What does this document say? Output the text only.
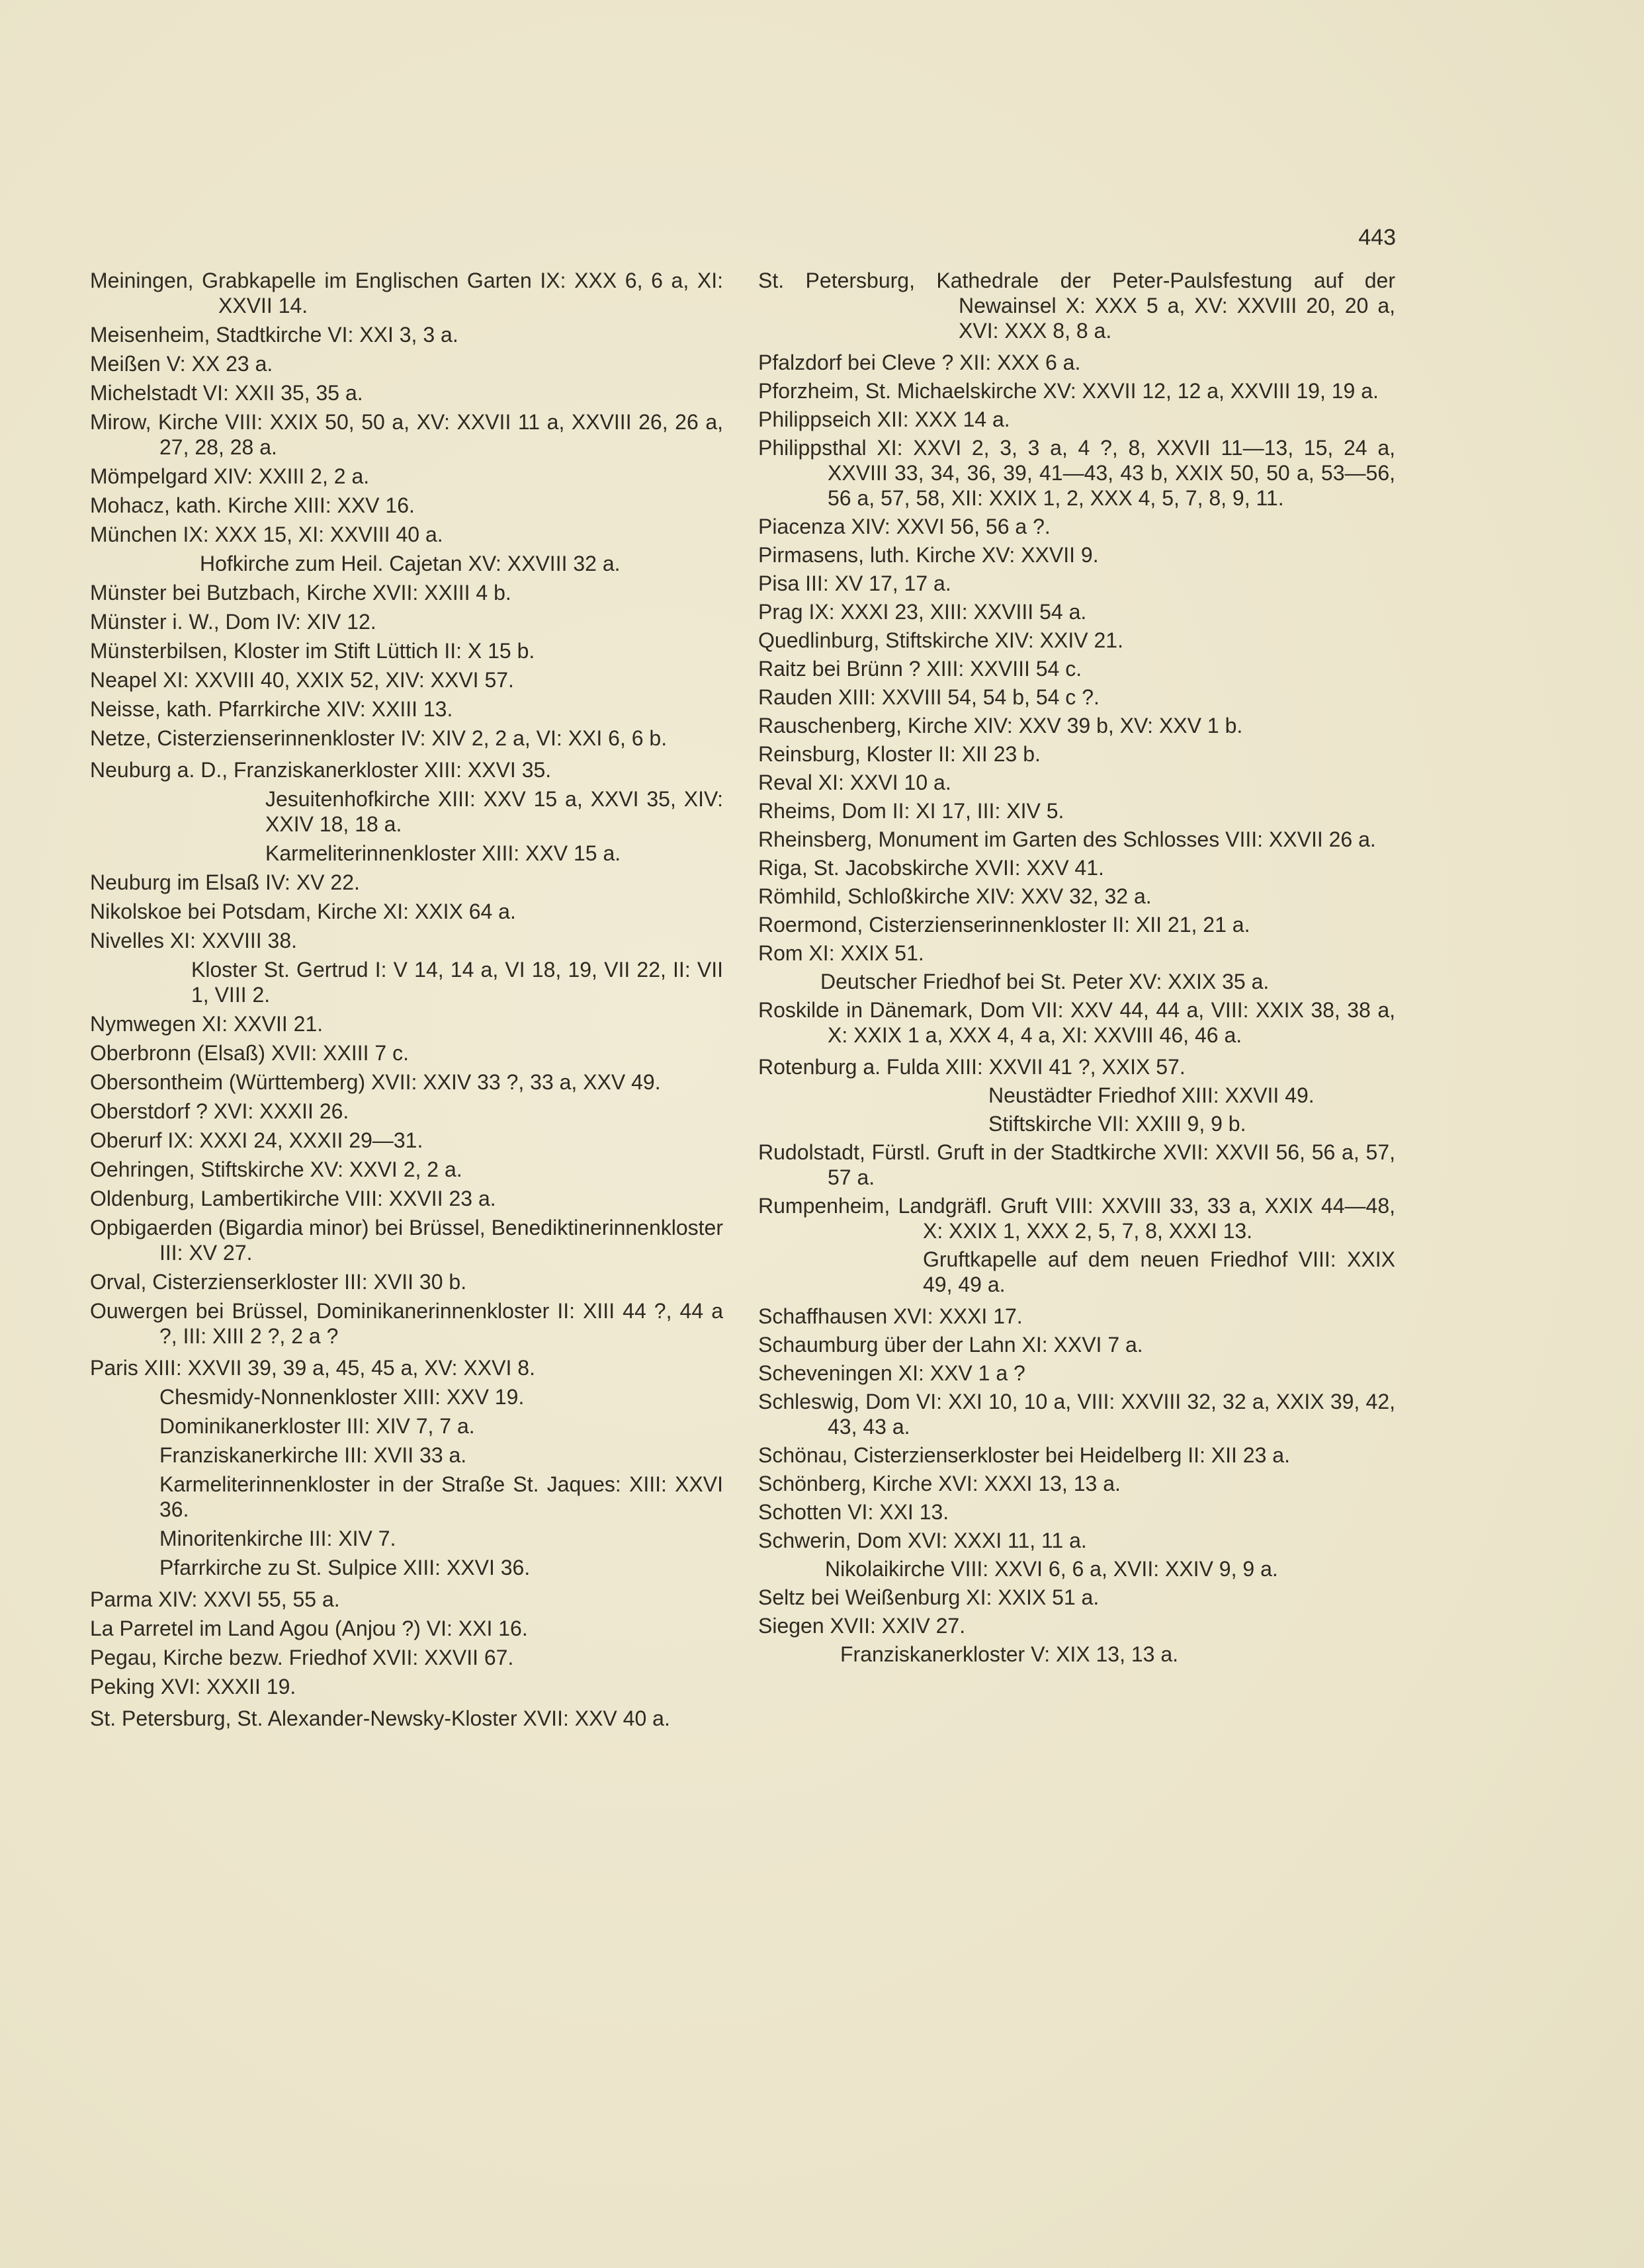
443
Meiningen, Grabkapelle im Englischen Garten IX: XXX 6, 6 a, XI: XXVII 14.
Meisenheim, Stadtkirche VI: XXI 3, 3 a.
Meißen V: XX 23 a.
Michelstadt VI: XXII 35, 35 a.
Mirow, Kirche VIII: XXIX 50, 50 a, XV: XXVII 11 a, XXVIII 26, 26 a, 27, 28, 28 a.
Mömpelgard XIV: XXIII 2, 2 a.
Mohacz, kath. Kirche XIII: XXV 16.
München IX: XXX 15, XI: XXVIII 40 a.
Hofkirche zum Heil. Cajetan XV: XXVIII 32 a.
Münster bei Butzbach, Kirche XVII: XXIII 4 b.
Münster i. W., Dom IV: XIV 12.
Münsterbilsen, Kloster im Stift Lüttich II: X 15 b.
Neapel XI: XXVIII 40, XXIX 52, XIV: XXVI 57.
Neisse, kath. Pfarrkirche XIV: XXIII 13.
Netze, Cisterzienserinnenkloster IV: XIV 2, 2 a, VI: XXI 6, 6 b.
Neuburg a. D., Franziskanerkloster XIII: XXVI 35.
Jesuitenhofkirche XIII: XXV 15 a, XXVI 35, XIV: XXIV 18, 18 a.
Karmeliterinnenkloster XIII: XXV 15 a.
Neuburg im Elsaß IV: XV 22.
Nikolskoe bei Potsdam, Kirche XI: XXIX 64 a.
Nivelles XI: XXVIII 38.
Kloster St. Gertrud I: V 14, 14 a, VI 18, 19, VII 22, II: VII 1, VIII 2.
Nymwegen XI: XXVII 21.
Oberbronn (Elsaß) XVII: XXIII 7 c.
Obersontheim (Württemberg) XVII: XXIV 33 ?, 33 a, XXV 49.
Oberstdorf ? XVI: XXXII 26.
Oberurf IX: XXXI 24, XXXII 29—31.
Oehringen, Stiftskirche XV: XXVI 2, 2 a.
Oldenburg, Lambertikirche VIII: XXVII 23 a.
Opbigaerden (Bigardia minor) bei Brüssel, Benediktinerinnenkloster III: XV 27.
Orval, Cisterzienserkloster III: XVII 30 b.
Ouwergen bei Brüssel, Dominikanerinnenkloster II: XIII 44 ?, 44 a ?, III: XIII 2 ?, 2 a ?
Paris XIII: XXVII 39, 39 a, 45, 45 a, XV: XXVI 8.
Chesmidy-Nonnenkloster XIII: XXV 19.
Dominikanerkloster III: XIV 7, 7 a.
Franziskanerkirche III: XVII 33 a.
Karmeliterinnenkloster in der Straße St. Jaques: XIII: XXVI 36.
Minoritenkirche III: XIV 7.
Pfarrkirche zu St. Sulpice XIII: XXVI 36.
Parma XIV: XXVI 55, 55 a.
La Parretel im Land Agou (Anjou ?) VI: XXI 16.
Pegau, Kirche bezw. Friedhof XVII: XXVII 67.
Peking XVI: XXXII 19.
St. Petersburg, St. Alexander-Newsky-Kloster XVII: XXV 40 a.
St. Petersburg, Kathedrale der Peter-Paulsfestung auf der Newainsel X: XXX 5 a, XV: XXVIII 20, 20 a, XVI: XXX 8, 8 a.
Pfalzdorf bei Cleve ? XII: XXX 6 a.
Pforzheim, St. Michaelskirche XV: XXVII 12, 12 a, XXVIII 19, 19 a.
Philippseich XII: XXX 14 a.
Philippsthal XI: XXVI 2, 3, 3 a, 4 ?, 8, XXVII 11—13, 15, 24 a, XXVIII 33, 34, 36, 39, 41—43, 43 b, XXIX 50, 50 a, 53—56, 56 a, 57, 58, XII: XXIX 1, 2, XXX 4, 5, 7, 8, 9, 11.
Piacenza XIV: XXVI 56, 56 a ?.
Pirmasens, luth. Kirche XV: XXVII 9.
Pisa III: XV 17, 17 a.
Prag IX: XXXI 23, XIII: XXVIII 54 a.
Quedlinburg, Stiftskirche XIV: XXIV 21.
Raitz bei Brünn ? XIII: XXVIII 54 c.
Rauden XIII: XXVIII 54, 54 b, 54 c ?.
Rauschenberg, Kirche XIV: XXV 39 b, XV: XXV 1 b.
Reinsburg, Kloster II: XII 23 b.
Reval XI: XXVI 10 a.
Rheims, Dom II: XI 17, III: XIV 5.
Rheinsberg, Monument im Garten des Schlosses VIII: XXVII 26 a.
Riga, St. Jacobskirche XVII: XXV 41.
Römhild, Schloßkirche XIV: XXV 32, 32 a.
Roermond, Cisterzienserinnenkloster II: XII 21, 21 a.
Rom XI: XXIX 51.
Deutscher Friedhof bei St. Peter XV: XXIX 35 a.
Roskilde in Dänemark, Dom VII: XXV 44, 44 a, VIII: XXIX 38, 38 a, X: XXIX 1 a, XXX 4, 4 a, XI: XXVIII 46, 46 a.
Rotenburg a. Fulda XIII: XXVII 41 ?, XXIX 57.
Neustädter Friedhof XIII: XXVII 49.
Stiftskirche VII: XXIII 9, 9 b.
Rudolstadt, Fürstl. Gruft in der Stadtkirche XVII: XXVII 56, 56 a, 57, 57 a.
Rumpenheim, Landgräfl. Gruft VIII: XXVIII 33, 33 a, XXIX 44—48, X: XXIX 1, XXX 2, 5, 7, 8, XXXI 13.
Gruftkapelle auf dem neuen Friedhof VIII: XXIX 49, 49 a.
Schaffhausen XVI: XXXI 17.
Schaumburg über der Lahn XI: XXVI 7 a.
Scheveningen XI: XXV 1 a ?
Schleswig, Dom VI: XXI 10, 10 a, VIII: XXVIII 32, 32 a, XXIX 39, 42, 43, 43 a.
Schönau, Cisterzienserkloster bei Heidelberg II: XII 23 a.
Schönberg, Kirche XVI: XXXI 13, 13 a.
Schotten VI: XXI 13.
Schwerin, Dom XVI: XXXI 11, 11 a.
Nikolaikirche VIII: XXVI 6, 6 a, XVII: XXIV 9, 9 a.
Seltz bei Weißenburg XI: XXIX 51 a.
Siegen XVII: XXIV 27.
Franziskanerkloster V: XIX 13, 13 a.
